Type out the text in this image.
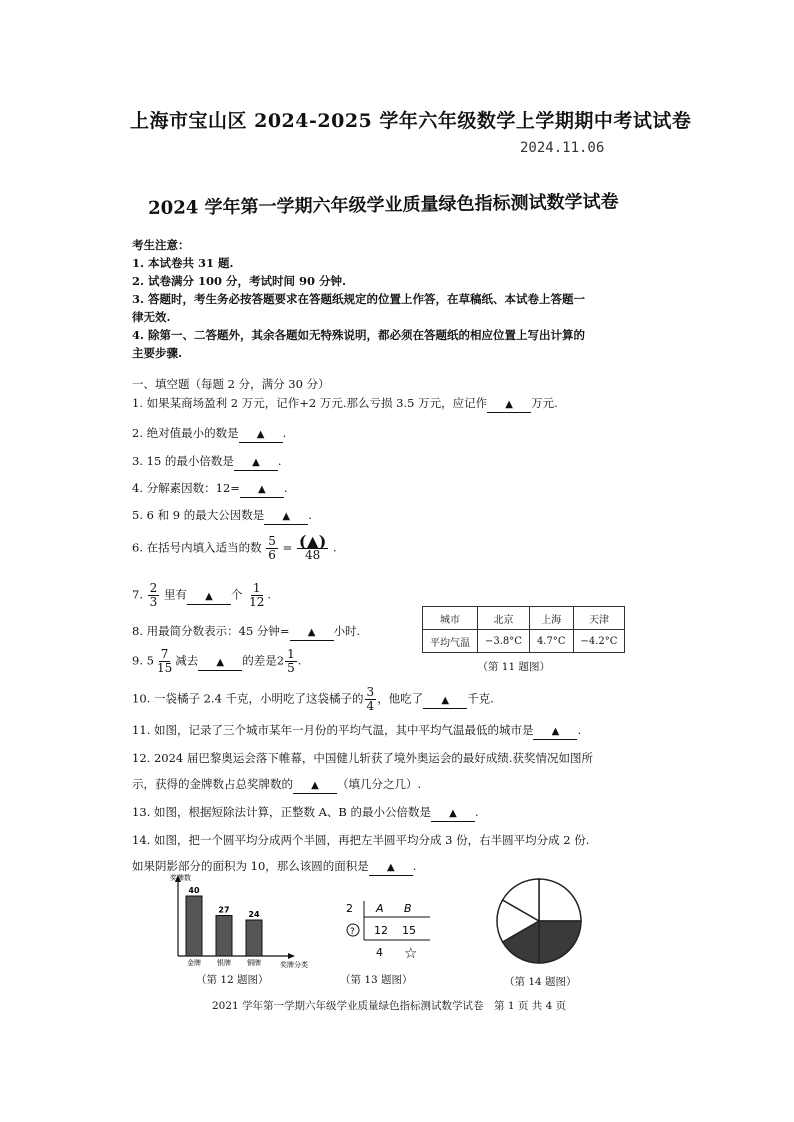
上海市宝山区 2024-2025 学年六年级数学上学期期中考试试卷
2024.11.06
2024 学年第一学期六年级学业质量绿色指标测试数学试卷
考生注意：
1. 本试卷共 31 题.
2. 试卷满分 100 分，考试时间 90 分钟.
3. 答题时，考生务必按答题要求在答题纸规定的位置上作答，在草稿纸、本试卷上答题一
律无效.
4. 除第一、二答题外，其余各题如无特殊说明，都必须在答题纸的相应位置上写出计算的
主要步骤.
一、填空题（每题 2 分，满分 30 分）
1. 如果某商场盈利 2 万元，记作+2 万元.那么亏损 3.5 万元，应记作 ▲ 万元.
2. 绝对值最小的数是 ▲ .
3. 15 的最小倍数是 ▲ .
4. 分解素因数：12= ▲ .
5. 6 和 9 的最大公因数是 ▲ .
6. 在括号内填入适当的数 $\frac{5}{6} = \frac{(▲)}{48}$ .
7. $\frac{2}{3}$ 里有 ▲ 个 $\frac{1}{12}$ .
8. 用最简分数表示：45 分钟= ▲ 小时.
9. $5 \frac{7}{15}$ 减去 ▲ 的差是$2 \frac{1}{5}$ .
城市	北京	上海	天津
平均气温	−3.8°C	4.7°C	−4.2°C
（第 11 题图）
10. 一袋橘子 2.4 千克，小明吃了这袋橘子的 $\frac{3}{4}$ ，他吃了 ▲ 千克.
11. 如图，记录了三个城市某年一月份的平均气温，其中平均气温最低的城市是 ▲ .
12. 2024 届巴黎奥运会落下帷幕，中国健儿斩获了境外奥运会的最好成绩.获奖情况如图所
示，获得的金牌数占总奖牌数的 ▲ （填几分之几）.
13. 如图，根据短除法计算，正整数 A、B 的最小公倍数是 ▲ .
14. 如图，把一个圆平均分成两个半圆，再把左半圆平均分成 3 份，右半圆平均分成 2 份.
如果阴影部分的面积为 10，那么该圆的面积是 ▲ .
奖牌数
奖牌分类
40
金牌
27
银牌
24
铜牌
（第 12 题图）
2 A B
? 12 15
4 ☆
（第 13 题图）	（第 14 题图）
2021 学年第一学期六年级学业质量绿色指标测试数学试卷　第 1 页 共 4 页
